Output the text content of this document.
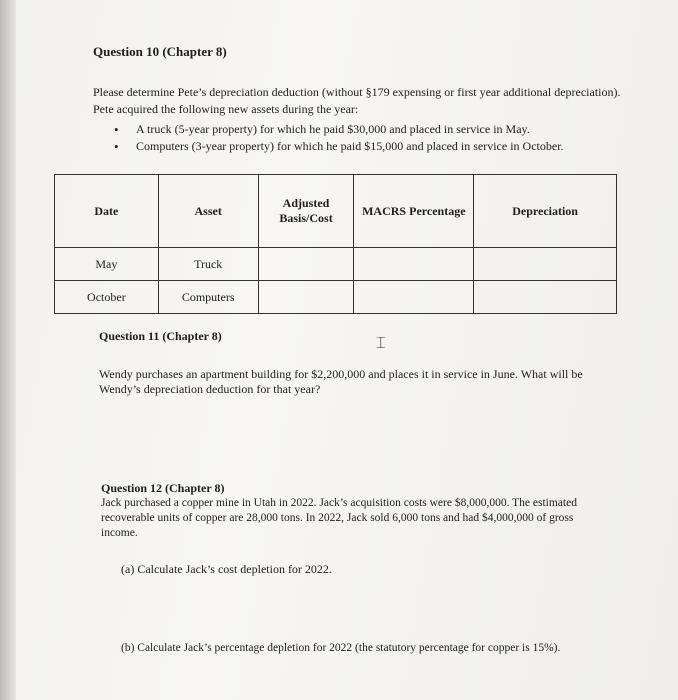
Question 10 (Chapter 8)
Please determine Pete’s depreciation deduction (without §179 expensing or first year additional depreciation). Pete acquired the following new assets during the year:
• A truck (5-year property) for which he paid $30,000 and placed in service in May.
• Computers (3-year property) for which he paid $15,000 and placed in service in October.
Date	Asset	Adjusted Basis/Cost	MACRS Percentage	Depreciation
May	Truck			
October	Computers			
Question 11 (Chapter 8)	⌶
Wendy purchases an apartment building for $2,200,000 and places it in service in June. What will be Wendy’s depreciation deduction for that year?
Question 12 (Chapter 8)
Jack purchased a copper mine in Utah in 2022. Jack’s acquisition costs were $8,000,000. The estimated recoverable units of copper are 28,000 tons. In 2022, Jack sold 6,000 tons and had $4,000,000 of gross income.
(a) Calculate Jack’s cost depletion for 2022.
(b) Calculate Jack’s percentage depletion for 2022 (the statutory percentage for copper is 15%).
